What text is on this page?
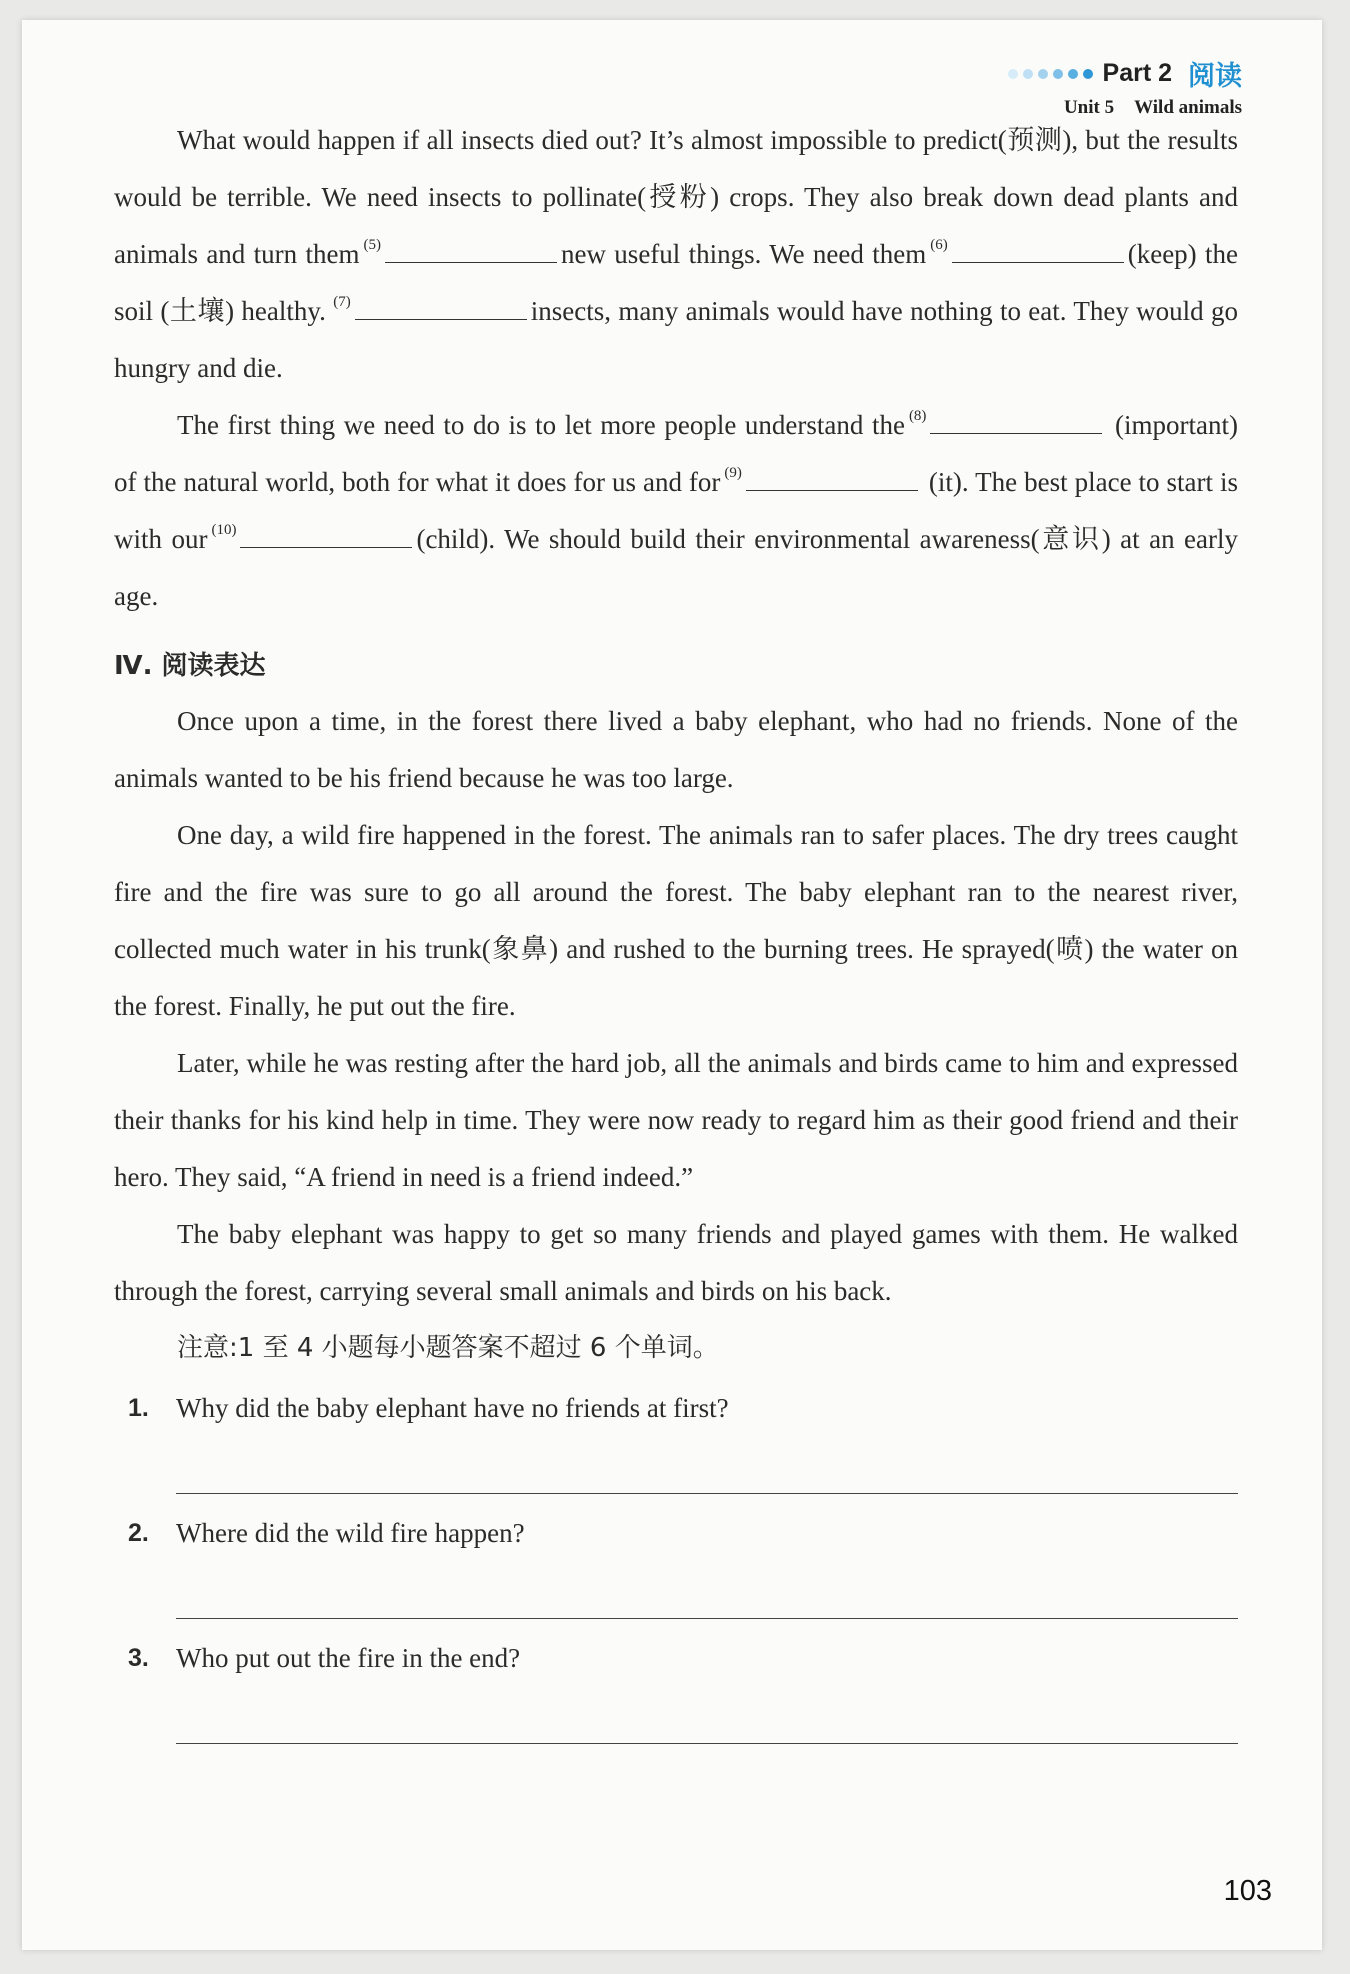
Part 2 阅读
Unit 5 Wild animals

What would happen if all insects died out? It’s almost impossible to predict(预测), but the results would be terrible. We need insects to pollinate(授粉) crops. They also break down dead plants and animals and turn them $^{(5)}$	new useful things. We need them $^{(6)}$	(keep) the soil (土壤) healthy. $^{(7)}$	insects, many animals would have nothing to eat. They would go hungry and die.

The first thing we need to do is to let more people understand the $^{(8)}$	(important) of the natural world, both for what it does for us and for $^{(9)}$	(it). The best place to start is with our $^{(10)}$	(child). We should build their environmental awareness(意识) at an early age.

Ⅳ. 阅读表达

Once upon a time, in the forest there lived a baby elephant, who had no friends. None of the animals wanted to be his friend because he was too large.

One day, a wild fire happened in the forest. The animals ran to safer places. The dry trees caught fire and the fire was sure to go all around the forest. The baby elephant ran to the nearest river, collected much water in his trunk(象鼻) and rushed to the burning trees. He sprayed(喷) the water on the forest. Finally, he put out the fire.

Later, while he was resting after the hard job, all the animals and birds came to him and expressed their thanks for his kind help in time. They were now ready to regard him as their good friend and their hero. They said, “A friend in need is a friend indeed.”

The baby elephant was happy to get so many friends and played games with them. He walked through the forest, carrying several small animals and birds on his back.

注意:1 至 4 小题每小题答案不超过 6 个单词。

1.	Why did the baby elephant have no friends at first?
2.	Where did the wild fire happen?
3.	Who put out the fire in the end?
103
